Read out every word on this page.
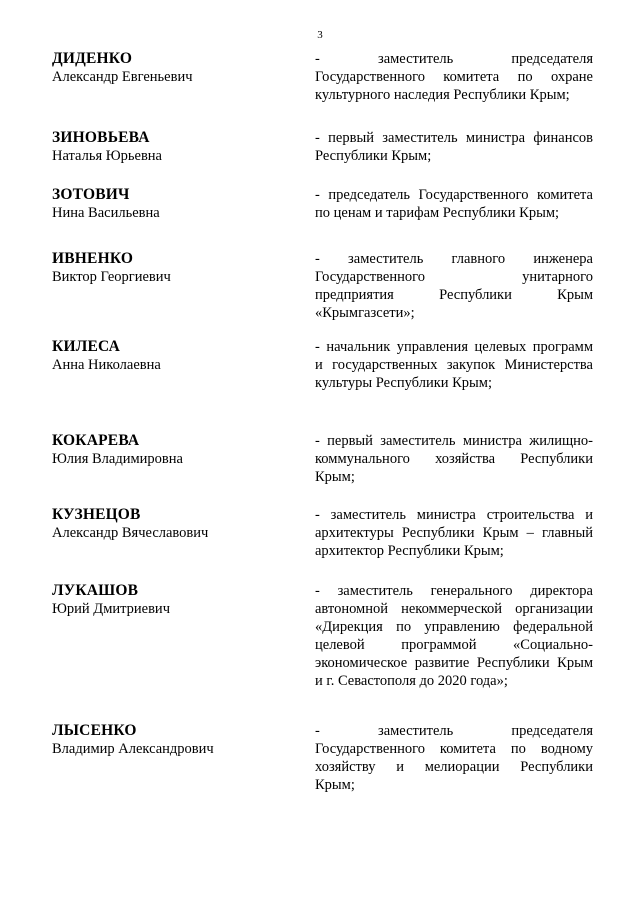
3
ДИДЕНКО
Александр Евгеньевич
- заместитель председателя
Государственного комитета по охране
культурного наследия Республики Крым;
ЗИНОВЬЕВА
Наталья Юрьевна
- первый заместитель министра финансов
Республики Крым;
ЗОТОВИЧ
Нина Васильевна
- председатель Государственного комитета
по ценам и тарифам Республики Крым;
ИВНЕНКО
Виктор Георгиевич
- заместитель главного инженера
Государственного унитарного
предприятия Республики Крым
«Крымгазсети»;
КИЛЕСА
Анна Николаевна
- начальник управления целевых программ
и государственных закупок Министерства
культуры Республики Крым;
КОКАРЕВА
Юлия Владимировна
- первый заместитель министра жилищно-
коммунального хозяйства Республики
Крым;
КУЗНЕЦОВ
Александр Вячеславович
- заместитель министра строительства и
архитектуры Республики Крым – главный
архитектор Республики Крым;
ЛУКАШОВ
Юрий Дмитриевич
- заместитель генерального директора
автономной некоммерческой организации
«Дирекция по управлению федеральной
целевой программой «Социально-
экономическое развитие Республики Крым
и г. Севастополя до 2020 года»;
ЛЫСЕНКО
Владимир Александрович
- заместитель председателя
Государственного комитета по водному
хозяйству и мелиорации Республики
Крым;
